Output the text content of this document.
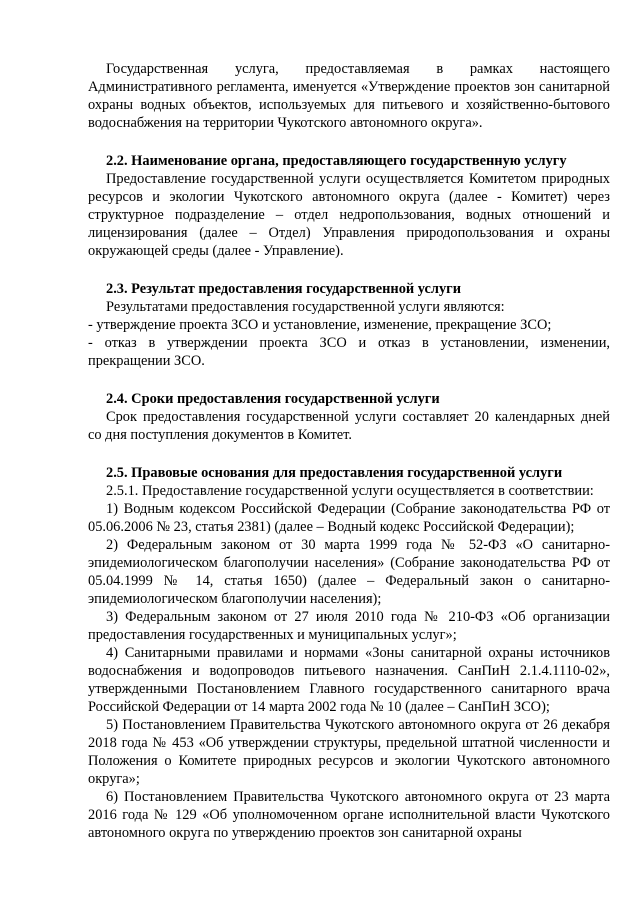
Государственная услуга, предоставляемая в рамках настоящего Административного регламента, именуется «Утверждение проектов зон санитарной охраны водных объектов, используемых для питьевого и хозяйственно-бытового водоснабжения на территории Чукотского автономного округа».

2.2. Наименование органа, предоставляющего государственную услугу

Предоставление государственной услуги осуществляется Комитетом природных ресурсов и экологии Чукотского автономного округа (далее - Комитет) через структурное подразделение – отдел недропользования, водных отношений и лицензирования (далее – Отдел) Управления природопользования и охраны окружающей среды (далее - Управление).

2.3. Результат предоставления государственной услуги

Результатами предоставления государственной услуги являются:

- утверждение проекта ЗСО и установление, изменение, прекращение ЗСО;

- отказ в утверждении проекта ЗСО и отказ в установлении, изменении, прекращении ЗСО.

2.4. Сроки предоставления государственной услуги

Срок предоставления государственной услуги составляет 20 календарных дней со дня поступления документов в Комитет.

2.5. Правовые основания для предоставления государственной услуги

2.5.1. Предоставление государственной услуги осуществляется в соответствии:

1) Водным кодексом Российской Федерации (Собрание законодательства РФ от 05.06.2006 № 23, статья 2381) (далее – Водный кодекс Российской Федерации);

2) Федеральным законом от 30 марта 1999 года № 52-ФЗ «О санитарно-эпидемиологическом благополучии населения» (Собрание законодательства РФ от 05.04.1999 № 14, статья 1650) (далее – Федеральный закон о санитарно-эпидемиологическом благополучии населения);

3) Федеральным законом от 27 июля 2010 года № 210-ФЗ «Об организации предоставления государственных и муниципальных услуг»;

4) Санитарными правилами и нормами «Зоны санитарной охраны источников водоснабжения и водопроводов питьевого назначения. СанПиН 2.1.4.1110-02», утвержденными Постановлением Главного государственного санитарного врача Российской Федерации от 14 марта 2002 года № 10 (далее – СанПиН ЗСО);

5) Постановлением Правительства Чукотского автономного округа от 26 декабря 2018 года № 453 «Об утверждении структуры, предельной штатной численности и Положения о Комитете природных ресурсов и экологии Чукотского автономного округа»;

6) Постановлением Правительства Чукотского автономного округа от 23 марта 2016 года № 129 «Об уполномоченном органе исполнительной власти Чукотского автономного округа по утверждению проектов зон санитарной охраны
